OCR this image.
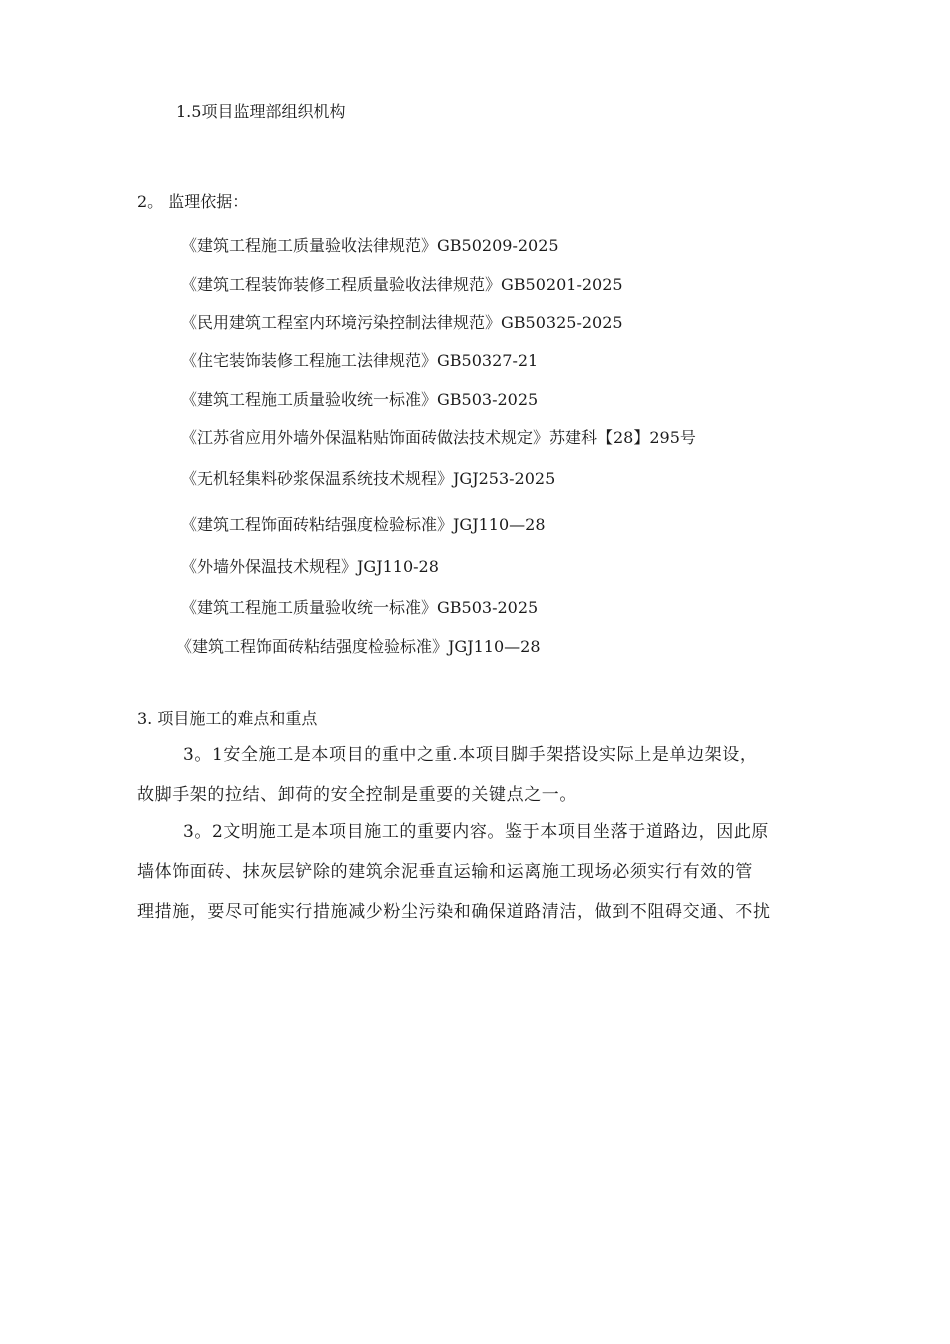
1.5项目监理部组织机构
2。 监理依据：
《建筑工程施工质量验收法律规范》GB50209-2025
《建筑工程装饰装修工程质量验收法律规范》GB50201-2025
《民用建筑工程室内环境污染控制法律规范》GB50325-2025
《住宅装饰装修工程施工法律规范》GB50327-21
《建筑工程施工质量验收统一标准》GB503-2025
《江苏省应用外墙外保温粘贴饰面砖做法技术规定》苏建科【28】295号
《无机轻集料砂浆保温系统技术规程》JGJ253-2025
《建筑工程饰面砖粘结强度检验标准》JGJ110—28
《外墙外保温技术规程》JGJ110-28
《建筑工程施工质量验收统一标准》GB503-2025
《建筑工程饰面砖粘结强度检验标准》JGJ110—28
3. 项目施工的难点和重点
3。1安全施工是本项目的重中之重.本项目脚手架搭设实际上是单边架设，
故脚手架的拉结、卸荷的安全控制是重要的关键点之一。
3。2文明施工是本项目施工的重要内容。鉴于本项目坐落于道路边，因此原
墙体饰面砖、抹灰层铲除的建筑余泥垂直运输和运离施工现场必须实行有效的管
理措施，要尽可能实行措施减少粉尘污染和确保道路清洁，做到不阻碍交通、不扰
